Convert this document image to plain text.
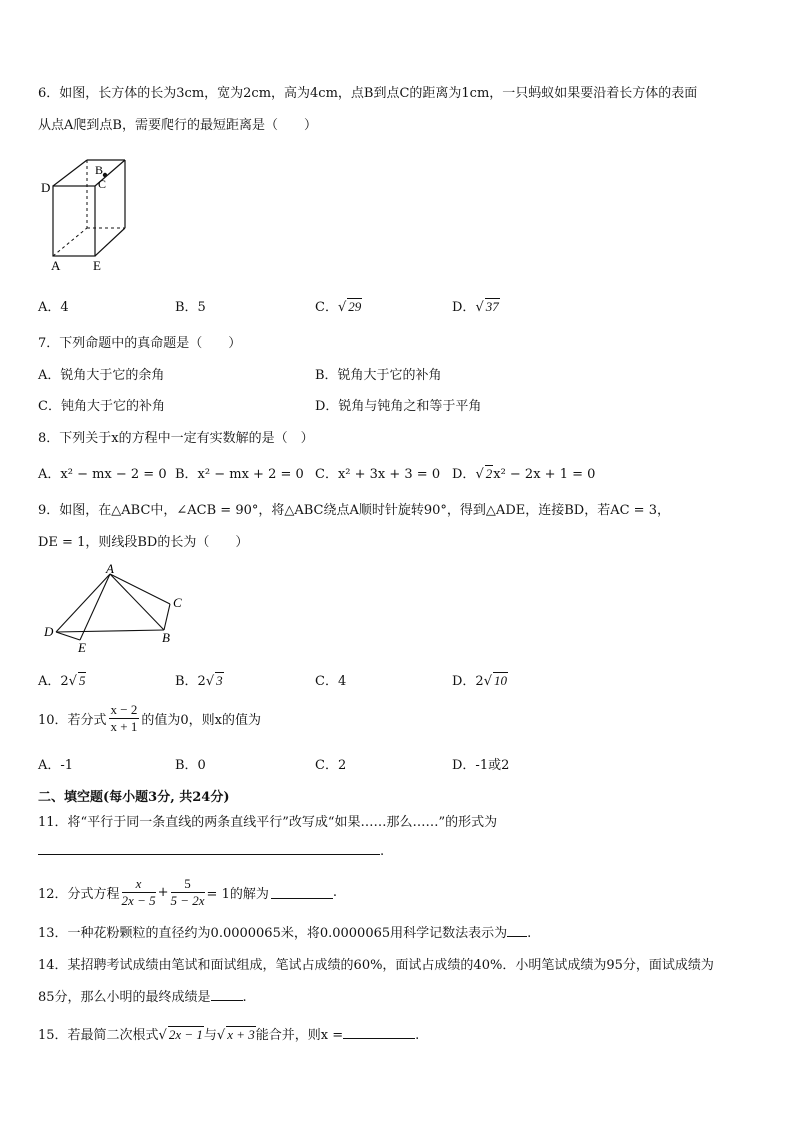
6．如图，长方体的长为3cm，宽为2cm，高为4cm，点B到点C的距离为1cm，一只蚂蚁如果要沿着长方体的表面
从点A爬到点B，需要爬行的最短距离是（　　）
D
B
C
A	E
A．4	B．5	C．√ 29	D．√ 37
7．下列命题中的真命题是（　　）
A．锐角大于它的余角	B．锐角大于它的补角
C．钝角大于它的补角	D．锐角与钝角之和等于平角
8．下列关于x的方程中一定有实数解的是（　）
A．x² − mx − 2 = 0 B．x² − mx + 2 = 0 C．x² + 3x + 3 = 0 D．√ 2x² − 2x + 1 = 0
9．如图，在△ABC中，∠ACB = 90°，将△ABC绕点A顺时针旋转90°，得到△ADE，连接BD，若AC = 3，
DE = 1，则线段BD的长为（　　）
A
C
B
D
E
A．2√ 5	B．2√ 3	C．4	D．2√ 10
10．若分式 $\frac{x - 2}{x + 1}$ 的值为0，则x的值为
A．-1	B．0	C．2	D．-1或2
二、填空题(每小题3分, 共24分)
11．将“平行于同一条直线的两条直线平行”改写成“如果……那么……”的形式为
.
12．分式方程 $\frac{x}{2x - 5} + \frac{5}{5 - 2x} = 1$的解为	.
13．一种花粉颗粒的直径约为0.0000065米，将0.0000065用科学记数法表示为 .
14．某招聘考试成绩由笔试和面试组成，笔试占成绩的60%，面试占成绩的40%．小明笔试成绩为95分，面试成绩为
85分，那么小明的最终成绩是 .
15．若最简二次根式√ 2x − 1与√ x + 3能合并，则x =	.
